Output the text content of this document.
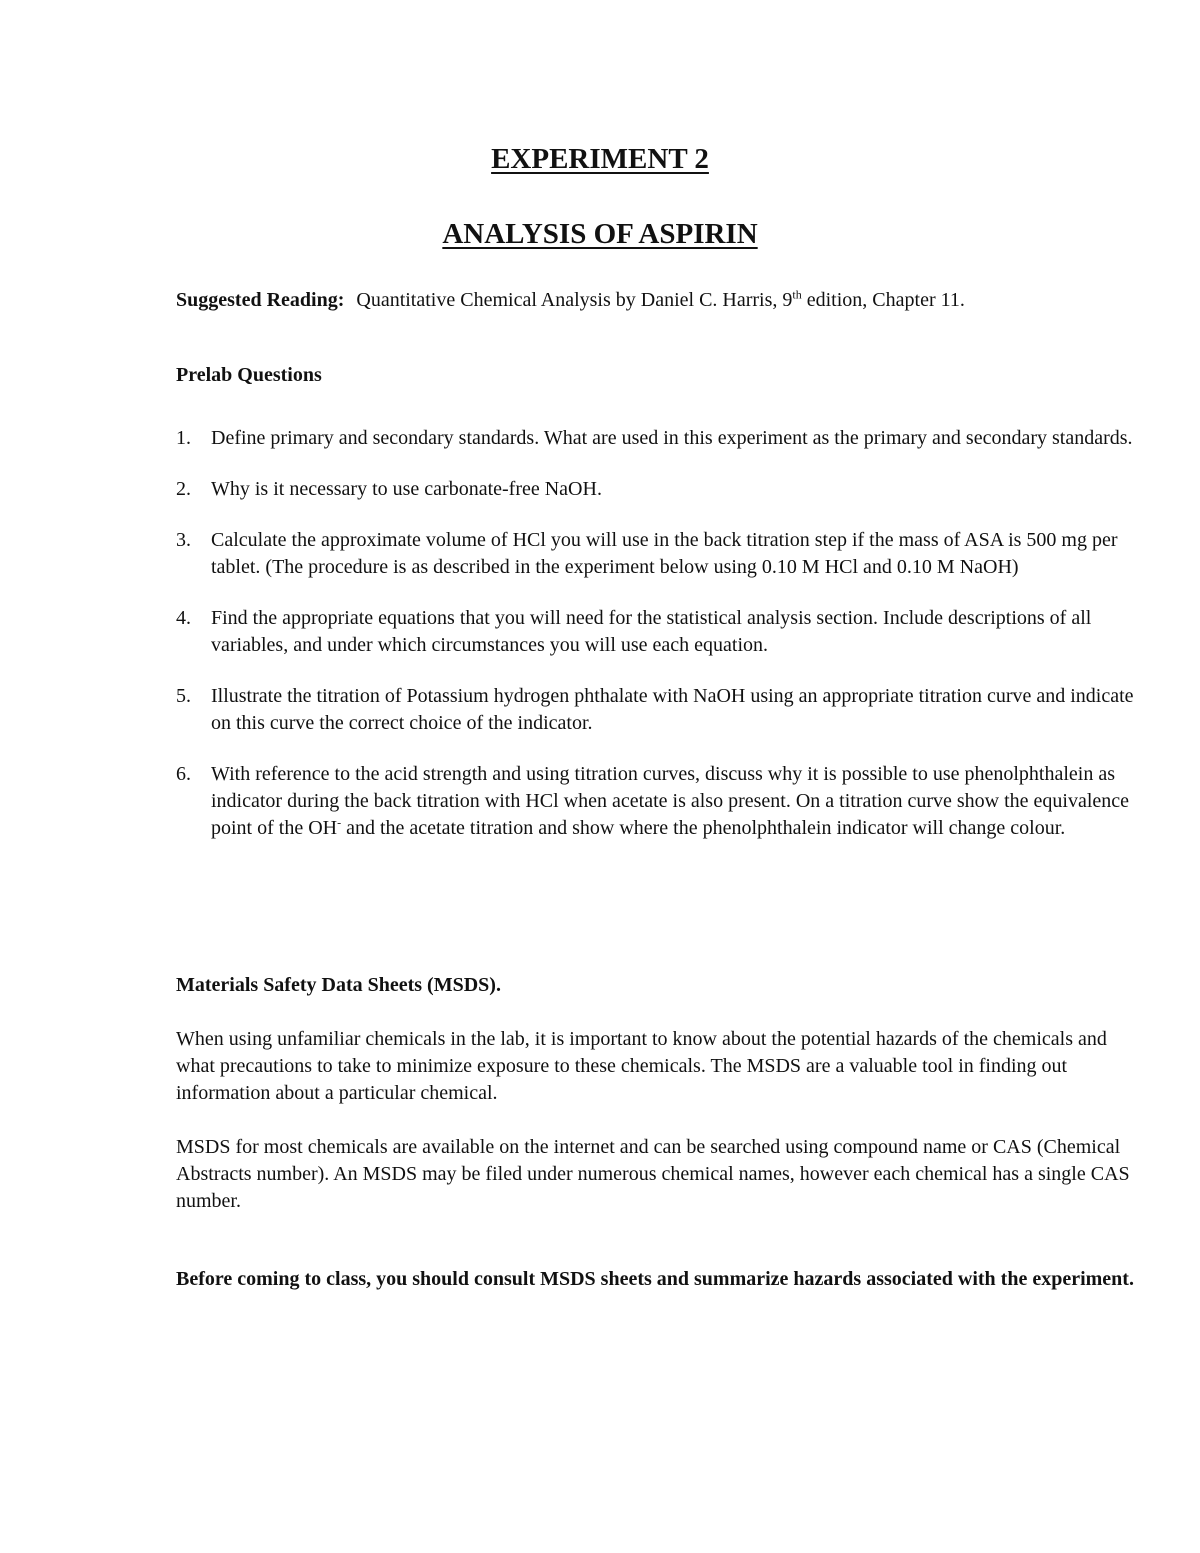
EXPERIMENT 2
ANALYSIS OF ASPIRIN

Suggested Reading: Quantitative Chemical Analysis by Daniel C. Harris, 9th edition, Chapter 11.

Prelab Questions

1. Define primary and secondary standards. What are used in this experiment as the primary and secondary standards.
2. Why is it necessary to use carbonate-free NaOH.
3. Calculate the approximate volume of HCl you will use in the back titration step if the mass of ASA is 500 mg per tablet. (The procedure is as described in the experiment below using 0.10 M HCl and 0.10 M NaOH)
4. Find the appropriate equations that you will need for the statistical analysis section. Include descriptions of all variables, and under which circumstances you will use each equation.
5. Illustrate the titration of Potassium hydrogen phthalate with NaOH using an appropriate titration curve and indicate on this curve the correct choice of the indicator.
6. With reference to the acid strength and using titration curves, discuss why it is possible to use phenolphthalein as indicator during the back titration with HCl when acetate is also present. On a titration curve show the equivalence point of the OH- and the acetate titration and show where the phenolphthalein indicator will change colour.

Materials Safety Data Sheets (MSDS).

When using unfamiliar chemicals in the lab, it is important to know about the potential hazards of the chemicals and what precautions to take to minimize exposure to these chemicals. The MSDS are a valuable tool in finding out information about a particular chemical.

MSDS for most chemicals are available on the internet and can be searched using compound name or CAS (Chemical Abstracts number). An MSDS may be filed under numerous chemical names, however each chemical has a single CAS number.

Before coming to class, you should consult MSDS sheets and summarize hazards associated with the experiment.
